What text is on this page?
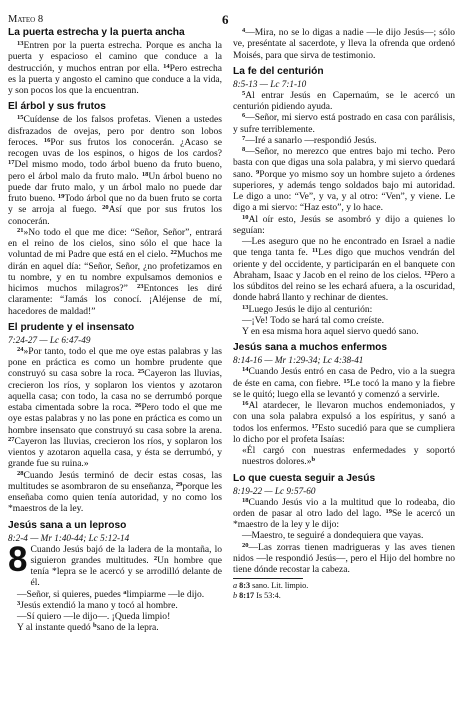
Mateo 8	6
La puerta estrecha y la puerta ancha

$^{13}$Entren por la puerta estrecha. Porque es ancha la puerta y espacioso el camino que conduce a la destrucción, y muchos entran por ella. $^{14}$Pero estrecha es la puerta y angosto el camino que conduce a la vida, y son pocos los que la encuentran.

El árbol y sus frutos

$^{15}$Cuídense de los falsos profetas. Vienen a ustedes disfrazados de ovejas, pero por dentro son lobos feroces. $^{16}$Por sus frutos los conocerán. ¿Acaso se recogen uvas de los espinos, o higos de los cardos? $^{17}$Del mismo modo, todo árbol bueno da fruto bueno, pero el árbol malo da fruto malo. $^{18}$Un árbol bueno no puede dar fruto malo, y un árbol malo no puede dar fruto bueno. $^{19}$Todo árbol que no da buen fruto se corta y se arroja al fuego. $^{20}$Así que por sus frutos los conocerán.

$^{21}$»No todo el que me dice: “Señor, Señor”, entrará en el reino de los cielos, sino sólo el que hace la voluntad de mi Padre que está en el cielo. $^{22}$Muchos me dirán en aquel día: “Señor, Señor, ¿no profetizamos en tu nombre, y en tu nombre expulsamos demonios e hicimos muchos milagros?” $^{23}$Entonces les diré claramente: “Jamás los conocí. ¡Aléjense de mí, hacedores de maldad!”

El prudente y el insensato
7:24-27 — Lc 6:47-49

$^{24}$»Por tanto, todo el que me oye estas palabras y las pone en práctica es como un hombre prudente que construyó su casa sobre la roca. $^{25}$Cayeron las lluvias, crecieron los ríos, y soplaron los vientos y azotaron aquella casa; con todo, la casa no se derrumbó porque estaba cimentada sobre la roca. $^{26}$Pero todo el que me oye estas palabras y no las pone en práctica es como un hombre insensato que construyó su casa sobre la arena. $^{27}$Cayeron las lluvias, crecieron los ríos, y soplaron los vientos y azotaron aquella casa, y ésta se derrumbó, y grande fue su ruina.»

$^{28}$Cuando Jesús terminó de decir estas cosas, las multitudes se asombraron de su enseñanza, $^{29}$porque les enseñaba como quien tenía autoridad, y no como los *maestros de la ley.

Jesús sana a un leproso
8:2-4 — Mr 1:40-44; Lc 5:12-14
8 Cuando Jesús bajó de la ladera de la montaña, lo siguieron grandes multitudes. $^2$Un hombre que tenía *lepra se le acercó y se arrodilló delante de él.

—Señor, si quieres, puedes $^a$limpiarme —le dijo.

$^3$Jesús extendió la mano y tocó al hombre.

—Sí quiero —le dijo—. ¡Queda limpio!

Y al instante quedó $^b$sano de la lepra.

$^4$—Mira, no se lo digas a nadie —le dijo Jesús—; sólo ve, preséntate al sacerdote, y lleva la ofrenda que ordenó Moisés, para que sirva de testimonio.

La fe del centurión
8:5-13 — Lc 7:1-10

$^5$Al entrar Jesús en Capernaúm, se le acercó un centurión pidiendo ayuda.

$^6$—Señor, mi siervo está postrado en casa con parálisis, y sufre terriblemente.

$^7$—Iré a sanarlo —respondió Jesús.

$^8$—Señor, no merezco que entres bajo mi techo. Pero basta con que digas una sola palabra, y mi siervo quedará sano. $^9$Porque yo mismo soy un hombre sujeto a órdenes superiores, y además tengo soldados bajo mi autoridad. Le digo a uno: “Ve”, y va, y al otro: “Ven”, y viene. Le digo a mi siervo: “Haz esto”, y lo hace.

$^{10}$Al oír esto, Jesús se asombró y dijo a quienes lo seguían:

—Les aseguro que no he encontrado en Israel a nadie que tenga tanta fe. $^{11}$Les digo que muchos vendrán del oriente y del occidente, y participarán en el banquete con Abraham, Isaac y Jacob en el reino de los cielos. $^{12}$Pero a los súbditos del reino se les echará afuera, a la oscuridad, donde habrá llanto y rechinar de dientes.

$^{13}$Luego Jesús le dijo al centurión:

—¡Ve! Todo se hará tal como creíste.

Y en esa misma hora aquel siervo quedó sano.

Jesús sana a muchos enfermos
8:14-16 — Mr 1:29-34; Lc 4:38-41

$^{14}$Cuando Jesús entró en casa de Pedro, vio a la suegra de éste en cama, con fiebre. $^{15}$Le tocó la mano y la fiebre se le quitó; luego ella se levantó y comenzó a servirle.

$^{16}$Al atardecer, le llevaron muchos endemoniados, y con una sola palabra expulsó a los espíritus, y sanó a todos los enfermos. $^{17}$Esto sucedió para que se cumpliera lo dicho por el profeta Isaías:

«Él cargó con nuestras enfermedades y soportó nuestros dolores.»$^b$

Lo que cuesta seguir a Jesús
8:19-22 — Lc 9:57-60

$^{18}$Cuando Jesús vio a la multitud que lo rodeaba, dio orden de pasar al otro lado del lago. $^{19}$Se le acercó un *maestro de la ley y le dijo:

—Maestro, te seguiré a dondequiera que vayas.

$^{20}$—Las zorras tienen madrigueras y las aves tienen nidos —le respondió Jesús—, pero el Hijo del hombre no tiene dónde recostar la cabeza.

a 8:3 sano. Lit. limpio.
b 8:17 Is 53:4.
